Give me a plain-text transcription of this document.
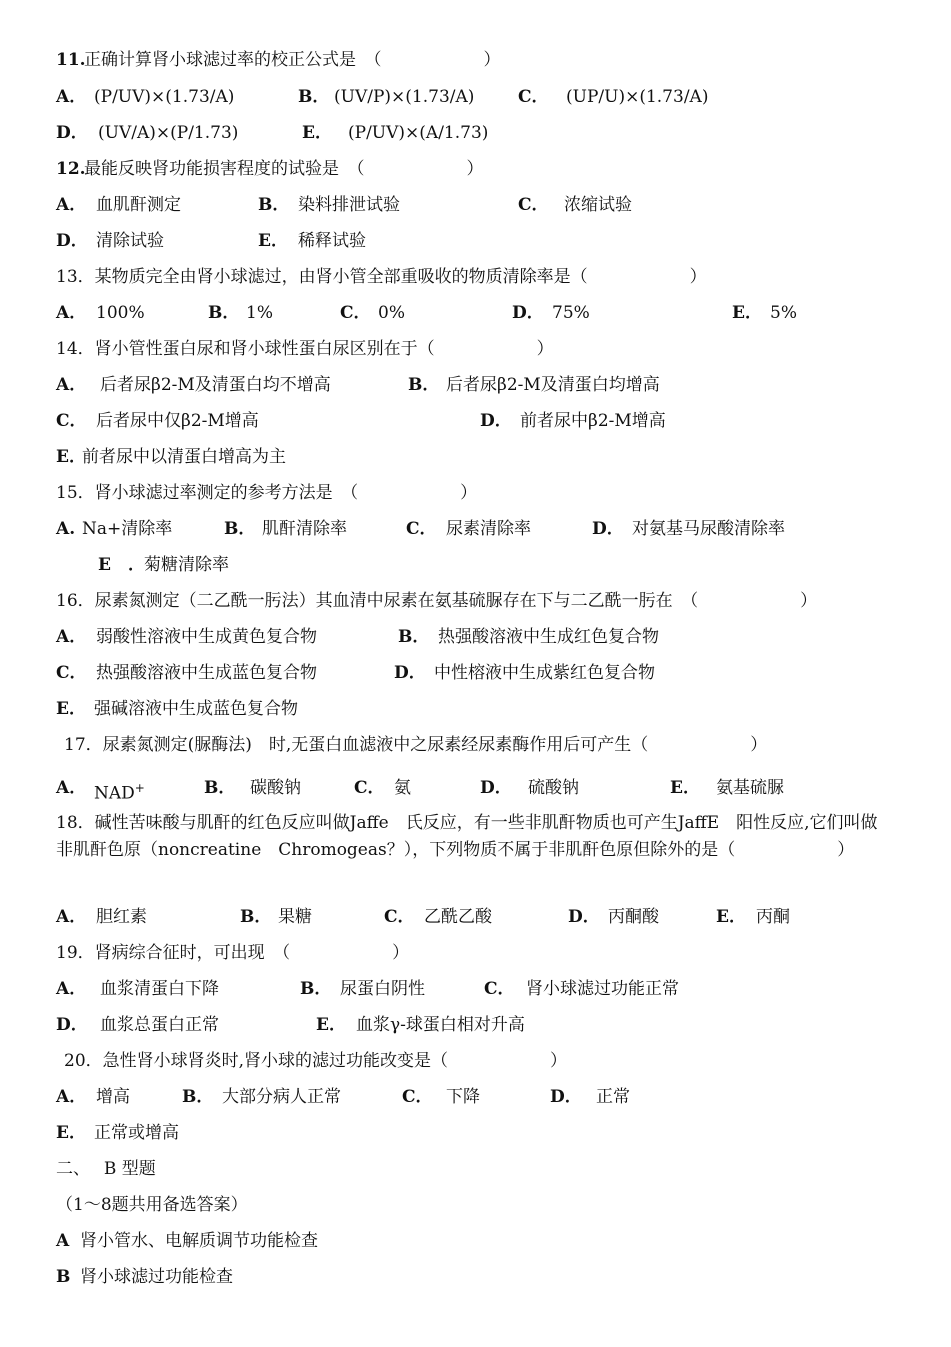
11.
正确计算肾小球滤过率的校正公式是　（　　　　　　）
A． (P/UV)×(1.73/A)	B． (UV/P)×(1.73/A)	C． (UP/U)×(1.73/A)
D． (UV/A)×(P/1.73)	E． (P/UV)×(A/1.73)
12.
最能反映肾功能损害程度的试验是　（　　　　　　）
A． 血肌酐测定	B． 染料排泄试验	C． 浓缩试验
D． 清除试验	E． 稀释试验
13．某物质完全由肾小球滤过，由肾小管全部重吸收的物质清除率是（　　　　　　）
A． 100%	B． 1%	C． 0%	D． 75%	E． 5%
14．肾小管性蛋白尿和肾小球性蛋白尿区别在于（　　　　　　）
A． 后者尿β2-M及清蛋白均不增高	B． 后者尿β2-M及清蛋白均增高
C． 后者尿中仅β2-M增高	D． 前者尿中β2-M增高
E．
前者尿中以清蛋白增高为主
15．肾小球滤过率测定的参考方法是　（　　　　　　）
A. Na+清除率	B． 肌酐清除率	C． 尿素清除率	D． 对氨基马尿酸清除率
E　． 菊糖清除率
16．尿素氮测定（二乙酰一肟法）其血清中尿素在氨基硫脲存在下与二乙酰一肟在　（　　　　　　）
A． 弱酸性溶液中生成黄色复合物	B． 热强酸溶液中生成红色复合物
C． 热强酸溶液中生成蓝色复合物	D． 中性榕液中生成紫红色复合物
E． 强碱溶液中生成蓝色复合物
17．尿素氮测定(脲酶法)　时,无蛋白血滤液中之尿素经尿素酶作用后可产生（　　　　　　）
A． NAD+	B． 碳酸钠	C． 氨	D． 硫酸钠	E． 氨基硫脲
18．碱性苦味酸与肌酐的红色反应叫做Jaffe　氏反应，有一些非肌酐物质也可产生JaffE　阳性反应,它们叫做非肌酐色原（noncreatine　Chromogeas？），下列物质不属于非肌酐色原但除外的是（　　　　　　）
A． 胆红素	B． 果糖	C． 乙酰乙酸	D． 丙酮酸	E． 丙酮
19．肾病综合征时，可出现　（　　　　　　）
A． 血浆清蛋白下降	B． 尿蛋白阴性	C． 肾小球滤过功能正常
D． 血浆总蛋白正常	E． 血浆γ-球蛋白相对升高
20．急性肾小球肾炎时,肾小球的滤过功能改变是（　　　　　　）
A． 增高	B． 大部分病人正常	C． 下降	D． 正常
E． 正常或增高
二、　 B 型题
（1～8题共用备选答案）
A 肾小管水、电解质调节功能检查
B 肾小球滤过功能检查
